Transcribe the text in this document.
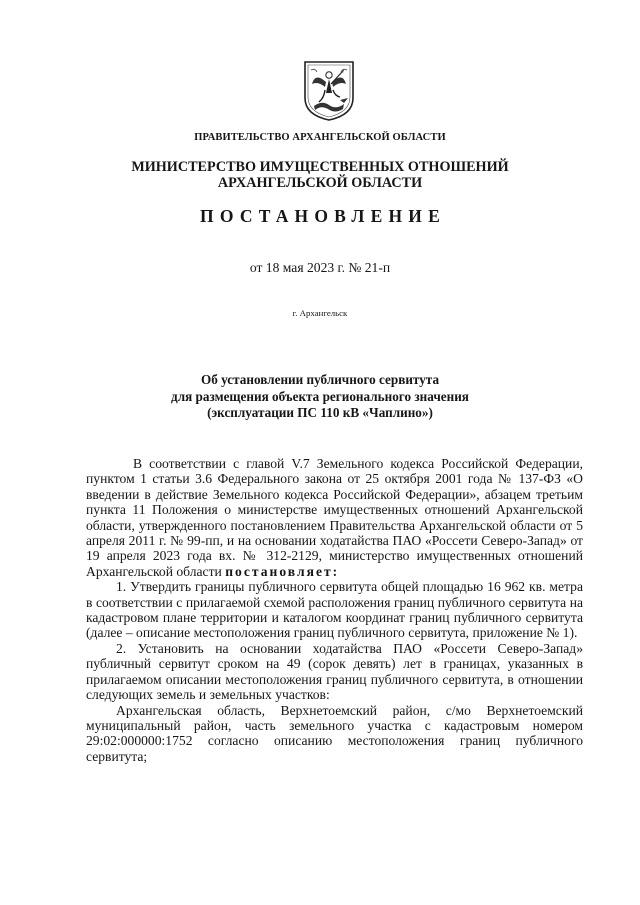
ПРАВИТЕЛЬСТВО АРХАНГЕЛЬСКОЙ ОБЛАСТИ
МИНИСТЕРСТВО ИМУЩЕСТВЕННЫХ ОТНОШЕНИЙ
АРХАНГЕЛЬСКОЙ ОБЛАСТИ
ПОСТАНОВЛЕНИЕ
от 18 мая 2023 г. № 21-п
г. Архангельск
Об установлении публичного сервитута
для размещения объекта регионального значения
(эксплуатации ПС 110 кВ «Чаплино»)

В соответствии с главой V.7 Земельного кодекса Российской Федерации, пунктом 1 статьи 3.6 Федерального закона от 25 октября 2001 года № 137-ФЗ «О введении в действие Земельного кодекса Российской Федерации», абзацем третьим пункта 11 Положения о министерстве имущественных отношений Архангельской области, утвержденного постановлением Правительства Архангельской области от 5 апреля 2011 г. № 99-пп, и на основании ходатайства ПАО «Россети Северо-Запад» от 19 апреля 2023 года вх. № 312-2129, министерство имущественных отношений Архангельской области постановляет:

1. Утвердить границы публичного сервитута общей площадью 16 962 кв. метра в соответствии с прилагаемой схемой расположения границ публичного сервитута на кадастровом плане территории и каталогом координат границ публичного сервитута (далее – описание местоположения границ публичного сервитута, приложение № 1).

2. Установить на основании ходатайства ПАО «Россети Северо-Запад» публичный сервитут сроком на 49 (сорок девять) лет в границах, указанных в прилагаемом описании местоположения границ публичного сервитута, в отношении следующих земель и земельных участков:

Архангельская область, Верхнетоемский район, с/мо Верхнетоемский муниципальный район, часть земельного участка с кадастровым номером 29:02:000000:1752 согласно описанию местоположения границ публичного сервитута;
